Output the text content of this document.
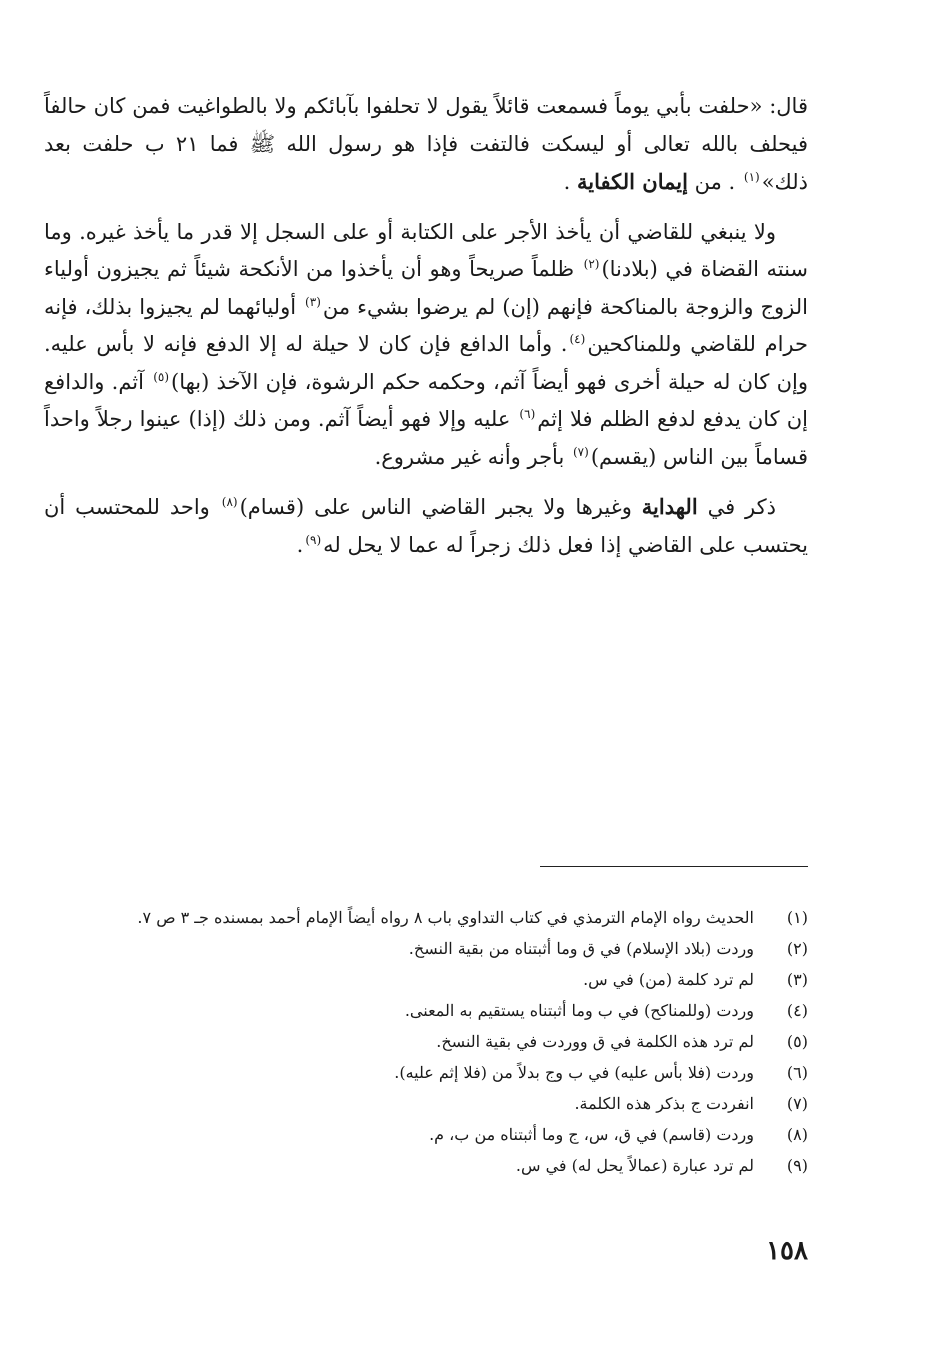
قال: «حلفت بأبي يوماً فسمعت قائلاً يقول لا تحلفوا بآبائكم ولا بالطواغيت فمن كان حالفاً فيحلف بالله تعالى أو ليسكت فالتفت فإذا هو رسول الله ﷺ فما ٢١ ب حلفت بعد ذلك»$^{(١)}$ . من إيمان الكفاية .

ولا ينبغي للقاضي أن يأخذ الأجر على الكتابة أو على السجل إلا قدر ما يأخذ غيره. وما سنته القضاة في (بلادنا)$^{(٢)}$ ظلماً صريحاً وهو أن يأخذوا من الأنكحة شيئاً ثم يجيزون أولياء الزوج والزوجة بالمناكحة فإنهم (إن) لم يرضوا بشيء من$^{(٣)}$ أوليائهما لم يجيزوا بذلك، فإنه حرام للقاضي وللمناكحين$^{(٤)}$. وأما الدافع فإن كان لا حيلة له إلا الدفع فإنه لا بأس عليه. وإن كان له حيلة أخرى فهو أيضاً آثم، وحكمه حكم الرشوة، فإن الآخذ (بها)$^{(٥)}$ آثم. والدافع إن كان يدفع لدفع الظلم فلا إثم$^{(٦)}$ عليه وإلا فهو أيضاً آثم. ومن ذلك (إذا) عينوا رجلاً واحداً قساماً بين الناس (يقسم)$^{(٧)}$ بأجر وأنه غير مشروع.

ذكر في الهداية وغيرها ولا يجبر القاضي الناس على (قسام)$^{(٨)}$ واحد للمحتسب أن يحتسب على القاضي إذا فعل ذلك زجراً له عما لا يحل له$^{(٩)}$.

(١)
الحديث رواه الإمام الترمذي في كتاب التداوي باب ٨ رواه أيضاً الإمام أحمد بمسنده جـ ٣ ص ٧.
(٢)
وردت (بلاد الإسلام) في ق وما أثبتناه من بقية النسخ.
(٣)
لم ترد كلمة (من) في س.
(٤)
وردت (وللمناكح) في ب وما أثبتناه يستقيم به المعنى.
(٥)
لم ترد هذه الكلمة في ق ووردت في بقية النسخ.
(٦)
وردت (فلا بأس عليه) في ب وج بدلاً من (فلا إثم عليه).
(٧)
انفردت ج بذكر هذه الكلمة.
(٨)
وردت (قاسم) في ق، س، ج وما أثبتناه من ب، م.
(٩)
لم ترد عبارة (عمالاً يحل له) في س.
١٥٨
